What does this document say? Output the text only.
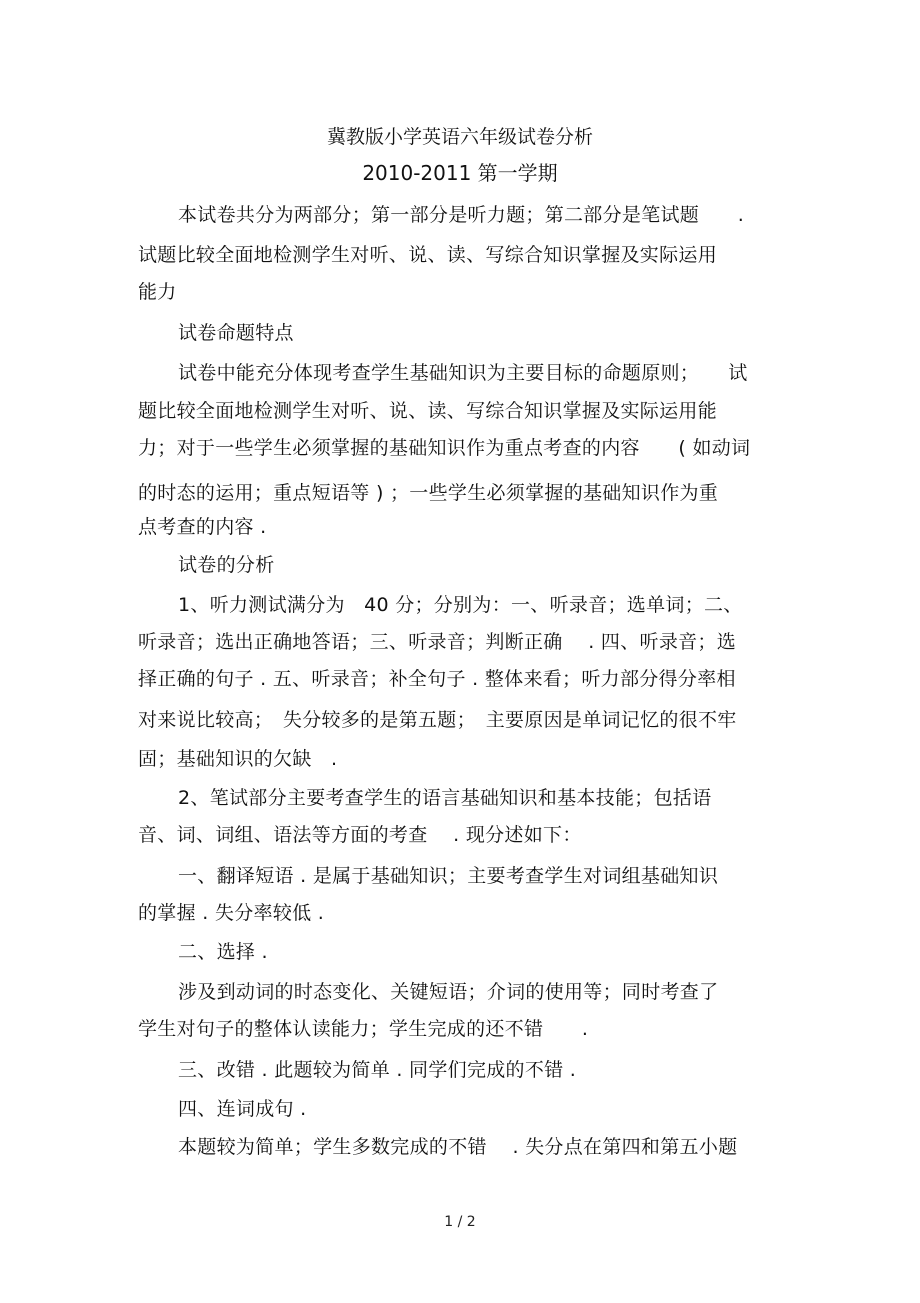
冀教版小学英语六年级试卷分析
2010-2011 第一学期
本试卷共分为两部分；第一部分是听力题；第二部分是笔试题　　.
试题比较全面地检测学生对听、说、读、写综合知识掌握及实际运用
能力
试卷命题特点
试卷中能充分体现考查学生基础知识为主要目标的命题原则；　　试
题比较全面地检测学生对听、说、读、写综合知识掌握及实际运用能
力；对于一些学生必须掌握的基础知识作为重点考查的内容　　( 如动词
的时态的运用；重点短语等 ) ；一些学生必须掌握的基础知识作为重
点考查的内容 .
试卷的分析
1、听力测试满分为　40 分；分别为：一、听录音；选单词；二、
听录音；选出正确地答语；三、听录音；判断正确　 . 四、听录音；选
择正确的句子 . 五、听录音；补全句子 . 整体来看；听力部分得分率相
对来说比较高；　失分较多的是第五题；　主要原因是单词记忆的很不牢
固；基础知识的欠缺　.
2、笔试部分主要考查学生的语言基础知识和基本技能；包括语
音、词、词组、语法等方面的考查　 . 现分述如下：
一、翻译短语 . 是属于基础知识；主要考查学生对词组基础知识
的掌握 . 失分率较低 .
二、选择 .
涉及到动词的时态变化、关键短语；介词的使用等；同时考查了
学生对句子的整体认读能力；学生完成的还不错　　.
三、改错 . 此题较为简单 . 同学们完成的不错 .
四、连词成句 .
本题较为简单；学生多数完成的不错　 . 失分点在第四和第五小题
1 / 2
